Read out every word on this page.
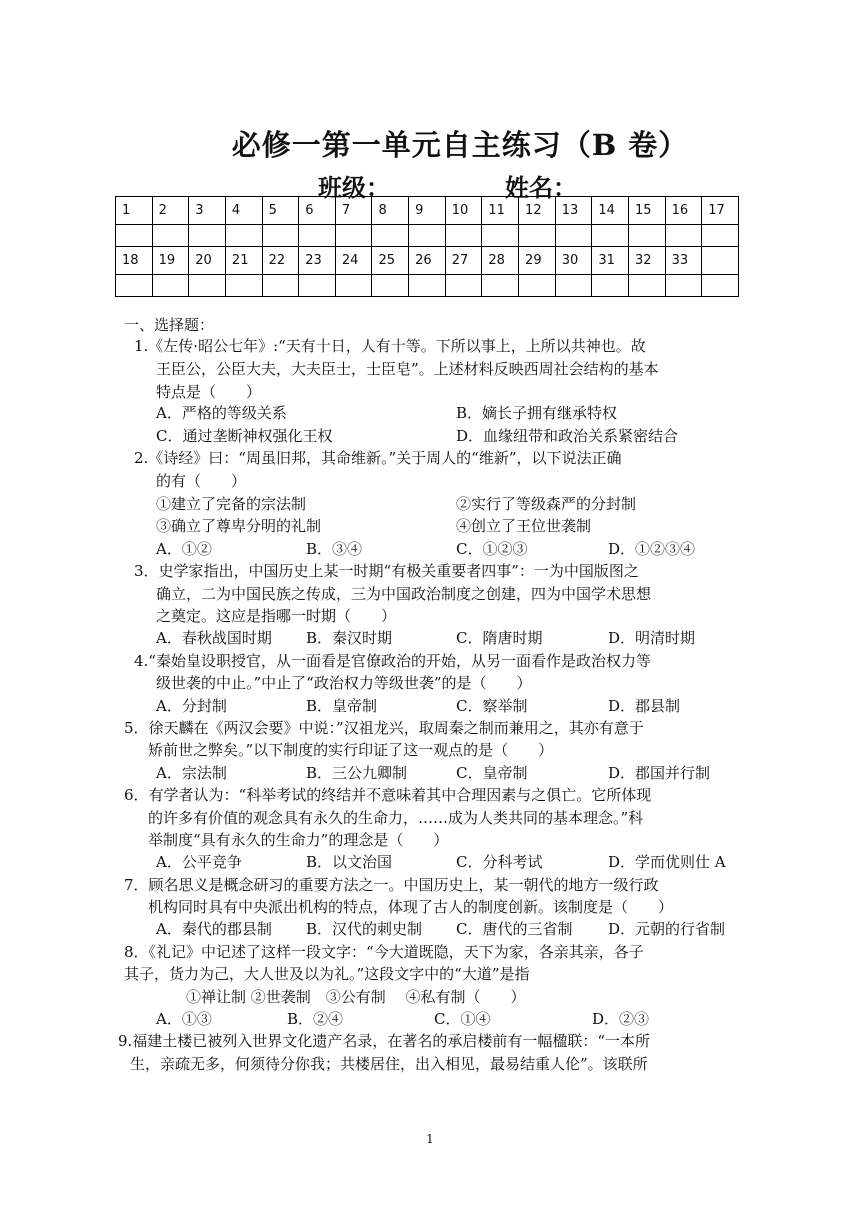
必修一第一单元自主练习（B 卷）
班级：	姓名：
1	2	3	4	5	6	7	8	9	10	11	12	13	14	15	16	17

18	19	20	21	22	23	24	25	26	27	28	29	30	31	32	33	

一、选择题：
1.《左传·昭公七年》:“天有十日，人有十等。下所以事上，上所以共神也。故
王臣公，公臣大夫，大夫臣士，士臣皂”。上述材料反映西周社会结构的基本
特点是（　　）
A．严格的等级关系	B．嫡长子拥有继承特权
C．通过垄断神权强化王权	D．血缘纽带和政治关系紧密结合
2.《诗经》曰：“周虽旧邦，其命维新。”关于周人的“维新”，以下说法正确
的有（　　）
①建立了完备的宗法制	②实行了等级森严的分封制
③确立了尊卑分明的礼制	④创立了王位世袭制
A．①②	B．③④	C．①②③	D．①②③④
3．史学家指出，中国历史上某一时期“有极关重要者四事”：一为中国版图之
确立，二为中国民族之传成，三为中国政治制度之创建，四为中国学术思想
之奠定。这应是指哪一时期（　　）
A．春秋战国时期 B．秦汉时期	C．隋唐时期	D．明清时期
4.“秦始皇设职授官，从一面看是官僚政治的开始，从另一面看作是政治权力等
级世袭的中止。”中止了“政治权力等级世袭”的是（　　）
A．分封制	B．皇帝制	C．察举制	D．郡县制
5．徐天麟在《两汉会要》中说：”汉祖龙兴，取周秦之制而兼用之，其亦有意于
矫前世之弊矣。”以下制度的实行印证了这一观点的是（　　）
A．宗法制	B．三公九卿制	C．皇帝制	D．郡国并行制
6．有学者认为：“科举考试的终结并不意味着其中合理因素与之俱亡。它所体现
的许多有价值的观念具有永久的生命力，……成为人类共同的基本理念。”科
举制度“具有永久的生命力”的理念是（　　）
A．公平竞争	B．以文治国	C．分科考试	D．学而优则仕 A
7．顾名思义是概念研习的重要方法之一。中国历史上，某一朝代的地方一级行政
机构同时具有中央派出机构的特点，体现了古人的制度创新。该制度是（　　）
A．秦代的郡县制 B．汉代的刺史制 C．唐代的三省制 D．元朝的行省制
8．《礼记》中记述了这样一段文字：“今大道既隐，天下为家，各亲其亲，各子
其子，货力为己，大人世及以为礼。”这段文字中的“大道”是指
①禅让制 ②世袭制　③公有制　 ④私有制（　　）
A．①③	B．②④	C．①④	D．②③
9.福建土楼已被列入世界文化遗产名录，在著名的承启楼前有一幅楹联：“一本所
生，亲疏无多，何须待分你我；共楼居住，出入相见，最易结重人伦”。该联所
1
